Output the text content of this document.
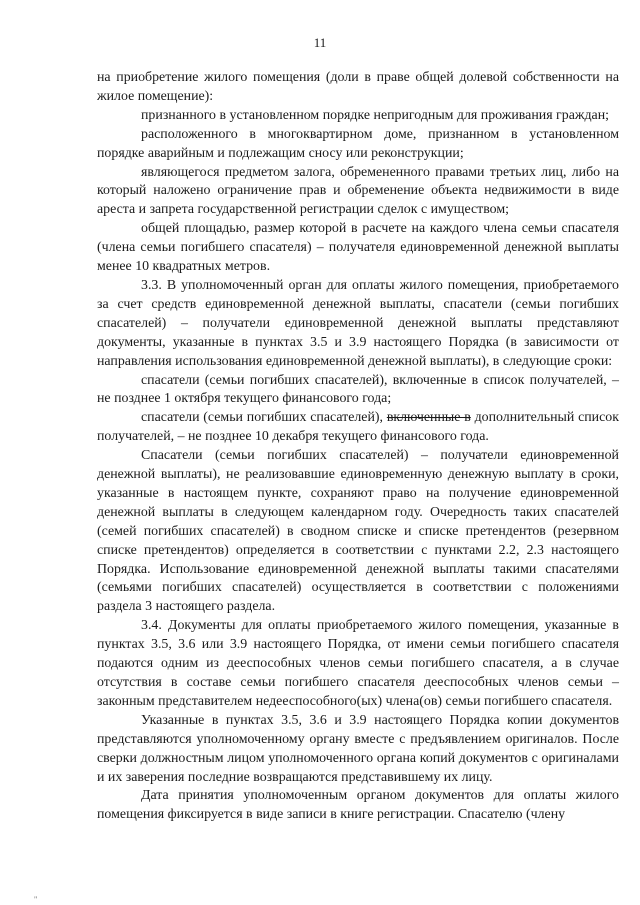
11

на приобретение жилого помещения (доли в праве общей долевой собственности на жилое помещение):

признанного в установленном порядке непригодным для проживания граждан;

расположенного в многоквартирном доме, признанном в установленном порядке аварийным и подлежащим сносу или реконструкции;

являющегося предметом залога, обремененного правами третьих лиц, либо на который наложено ограничение прав и обременение объекта недвижимости в виде ареста и запрета государственной регистрации сделок с имуществом;

общей площадью, размер которой в расчете на каждого члена семьи спасателя (члена семьи погибшего спасателя) – получателя единовременной денежной выплаты менее 10 квадратных метров.

3.3. В уполномоченный орган для оплаты жилого помещения, приобретаемого за счет средств единовременной денежной выплаты, спасатели (семьи погибших спасателей) – получатели единовременной денежной выплаты представляют документы, указанные в пунктах 3.5 и 3.9 настоящего Порядка (в зависимости от направления использования единовременной денежной выплаты), в следующие сроки:

спасатели (семьи погибших спасателей), включенные в список получателей, – не позднее 1 октября текущего финансового года;

спасатели (семьи погибших спасателей), включенные в дополнительный список получателей, – не позднее 10 декабря текущего финансового года.

Спасатели (семьи погибших спасателей) – получатели единовременной денежной выплаты), не реализовавшие единовременную денежную выплату в сроки, указанные в настоящем пункте, сохраняют право на получение единовременной денежной выплаты в следующем календарном году. Очередность таких спасателей (семей погибших спасателей) в сводном списке и списке претендентов (резервном списке претендентов) определяется в соответствии с пунктами 2.2, 2.3 настоящего Порядка. Использование единовременной денежной выплаты такими спасателями (семьями погибших спасателей) осуществляется в соответствии с положениями раздела 3 настоящего раздела.

3.4. Документы для оплаты приобретаемого жилого помещения, указанные в пунктах 3.5, 3.6 или 3.9 настоящего Порядка, от имени семьи погибшего спасателя подаются одним из дееспособных членов семьи погибшего спасателя, а в случае отсутствия в составе семьи погибшего спасателя дееспособных членов семьи – законным представителем недееспособного(ых) члена(ов) семьи погибшего спасателя.

Указанные в пунктах 3.5, 3.6 и 3.9 настоящего Порядка копии документов представляются уполномоченному органу вместе с предъявлением оригиналов. После сверки должностным лицом уполномоченного органа копий документов с оригиналами и их заверения последние возвращаются представившему их лицу.

Дата принятия уполномоченным органом документов для оплаты жилого помещения фиксируется в виде записи в книге регистрации. Спасателю (члену

"
